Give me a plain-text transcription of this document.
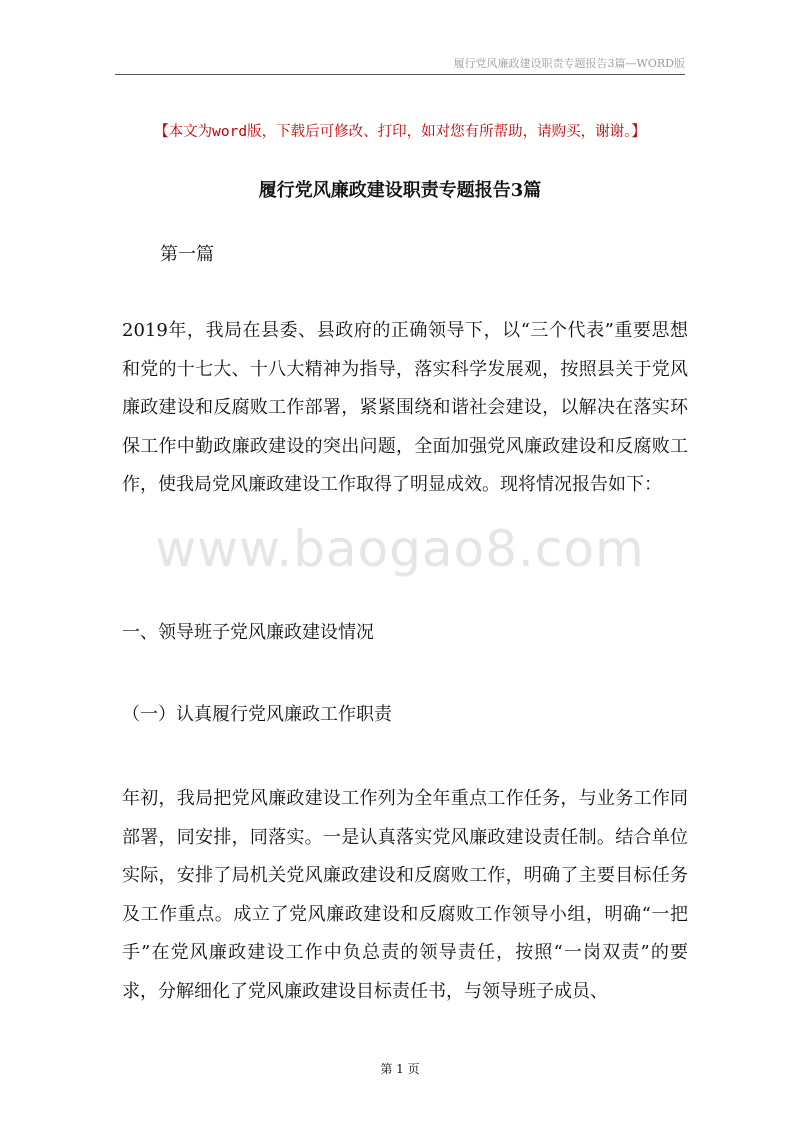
履行党风廉政建设职责专题报告3篇—WORD版
【本文为word版，下载后可修改、打印，如对您有所帮助，请购买，谢谢。】
履行党风廉政建设职责专题报告3篇
第一篇

2019年，我局在县委、县政府的正确领导下，以“三个代表”重要思想和党的十七大、十八大精神为指导，落实科学发展观，按照县关于党风廉政建设和反腐败工作部署，紧紧围绕和谐社会建设，以解决在落实环保工作中勤政廉政建设的突出问题，全面加强党风廉政建设和反腐败工作，使我局党风廉政建设工作取得了明显成效。现将情况报告如下：

www.baogao8.com
一、领导班子党风廉政建设情况
（一）认真履行党风廉政工作职责

年初，我局把党风廉政建设工作列为全年重点工作任务，与业务工作同部署，同安排，同落实。一是认真落实党风廉政建设责任制。结合单位实际，安排了局机关党风廉政建设和反腐败工作，明确了主要目标任务及工作重点。成立了党风廉政建设和反腐败工作领导小组，明确“一把手”在党风廉政建设工作中负总责的领导责任，按照“一岗双责”的要求，分解细化了党风廉政建设目标责任书，与领导班子成员、

第 1 页
